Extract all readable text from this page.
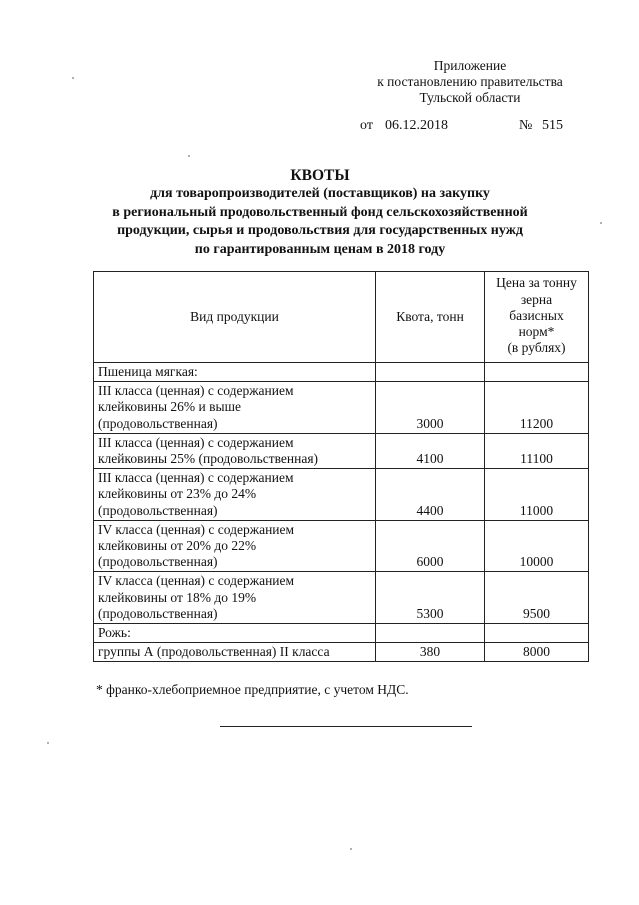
Приложение
к постановлению правительства
Тульской области
от 06.12.2018	№ 515
КВОТЫ
для товаропроизводителей (поставщиков) на закупку
в региональный продовольственный фонд сельскохозяйственной
продукции, сырья и продовольствия для государственных нужд
по гарантированным ценам в 2018 году
Вид продукции	Квота, тонн	Цена за тонну
зерна
базисных
норм*
(в рублях)

Пшеница мягкая:		

III класса (ценная) с содержанием
клейковины 26% и выше
(продовольственная)	3000	11200

III класса (ценная) с содержанием
клейковины 25% (продовольственная)	4100	11100

III класса (ценная) с содержанием
клейковины от 23% до 24%
(продовольственная)	4400	11000

IV класса (ценная) с содержанием
клейковины от 20% до 22%
(продовольственная)	6000	10000

IV класса (ценная) с содержанием
клейковины от 18% до 19%
(продовольственная)	5300	9500
Рожь:		

группы А (продовольственная) II класса	380	8000
* франко-хлебоприемное предприятие, с учетом НДС.
